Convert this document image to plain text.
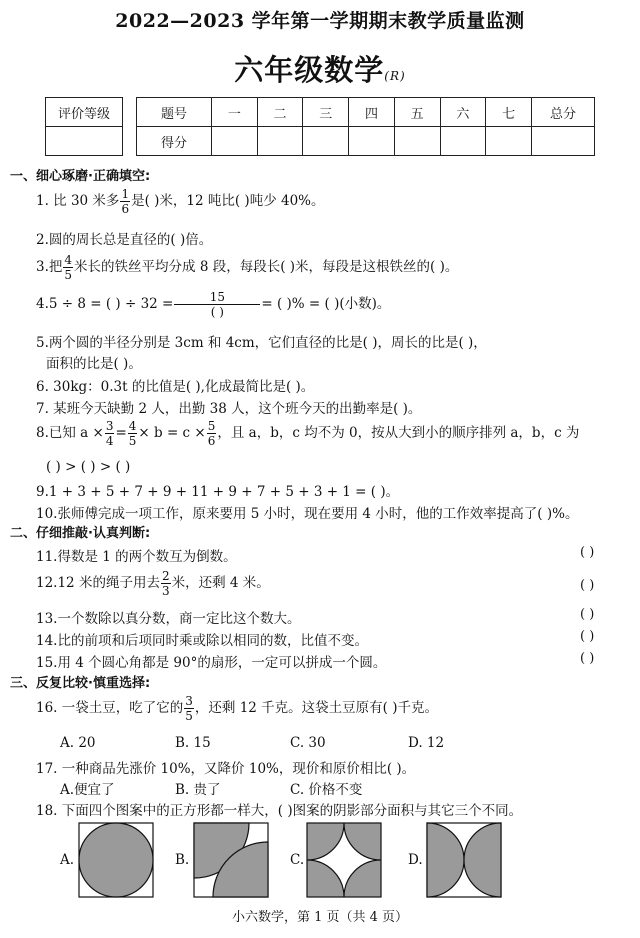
2022—2023 学年第一学期期末教学质量监测
六年级数学(R)
评价等级	题号	一	二	三	四	五	六	七	总分
得分								
一、细心琢磨·正确填空:
1. 比 30 米多 $\frac{1}{6}$ 是( )米，12 吨比( )吨少 40%。
2.圆的周长总是直径的( )倍。
3.把 $\frac{4}{5}$ 米长的铁丝平均分成 8 段，每段长( )米，每段是这根铁丝的( )。
4.5 ÷ 8 = ( ) ÷ $32 = \frac{15}{( )}$ = ( )% = ( )(小数)。
5.两个圆的半径分别是 3cm 和 4cm，它们直径的比是( )，周长的比是( )，
面积的比是( )。
6. 30kg：0.3t 的比值是( ),化成最简比是( )。
7. 某班今天缺勤 2 人，出勤 38 人，这个班今天的出勤率是( )。
8.已知 $a \times \frac{3}{4} = \frac{4}{5} \times b = c \times \frac{5}{6}$ ，且 a，b，c 均不为 0，按从大到小的顺序排列 a，b，c 为
( ) > ( ) > ( )
9.1 + 3 + 5 + 7 + 9 + 11 + 9 + 7 + 5 + 3 + 1 = ( )。
10.张师傅完成一项工作，原来要用 5 小时，现在要用 4 小时，他的工作效率提高了( )%。
二、仔细推敲·认真判断:
11.得数是 1 的两个数互为倒数。	( )
12.12 米的绳子用去 $\frac{2}{3}$ 米，还剩 4 米。	( )
13.一个数除以真分数，商一定比这个数大。	( )
14.比的前项和后项同时乘或除以相同的数，比值不变。	( )
15.用 4 个圆心角都是 90°的扇形，一定可以拼成一个圆。	( )
三、反复比较·慎重选择:
16. 一袋土豆，吃了它的 $\frac{3}{5}$ ，还剩 12 千克。这袋土豆原有( )千克。
A. 20	B. 15	C. 30	D. 12
17. 一种商品先涨价 10%，又降价 10%，现价和原价相比( )。
A.便宜了	B. 贵了	C. 价格不变
18. 下面四个图案中的正方形都一样大，( )图案的阴影部分面积与其它三个不同。
A.	B.	C.	D.
小六数学，第 1 页（共 4 页）
